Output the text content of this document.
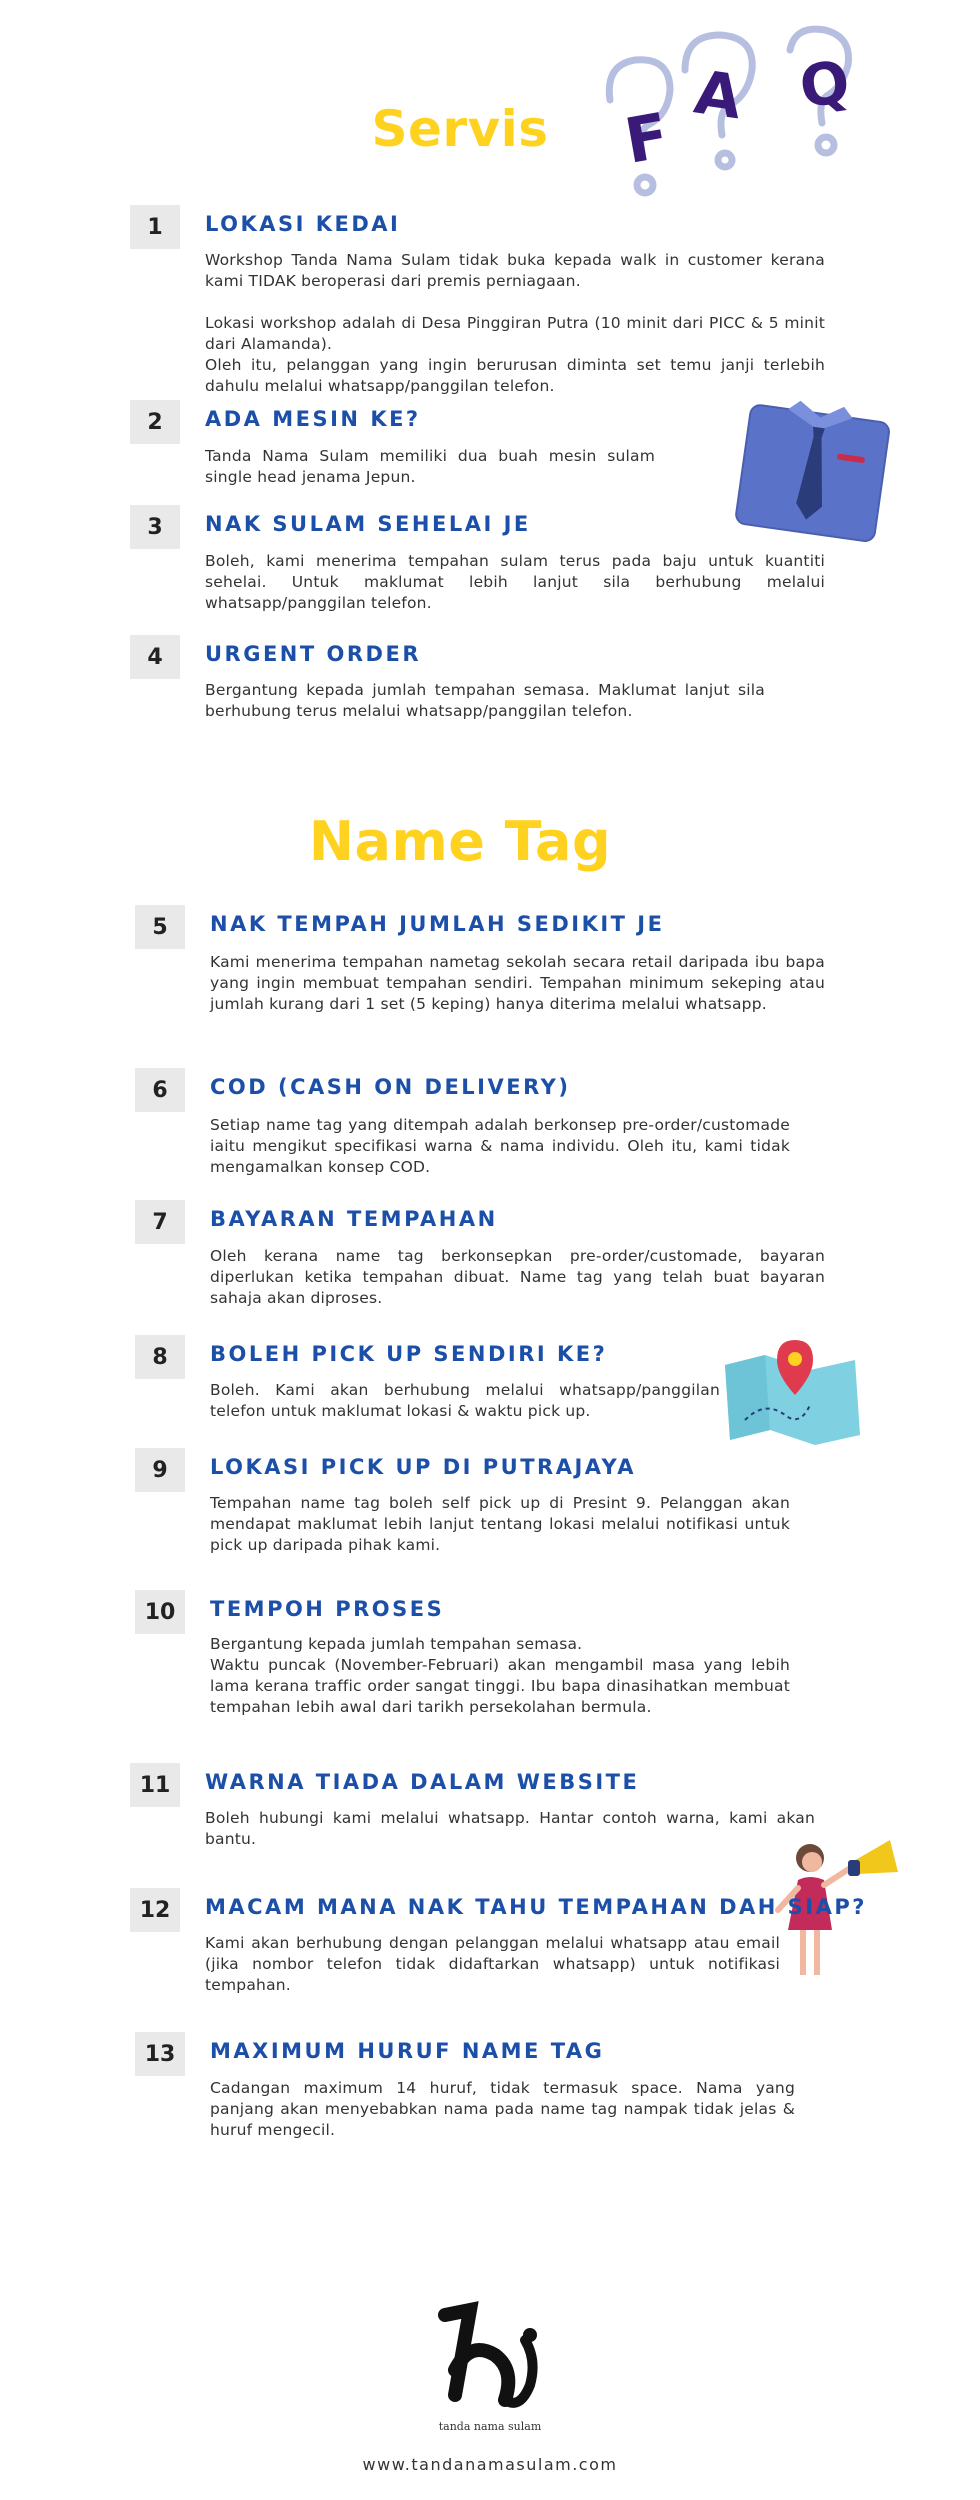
Servis
Name Tag
F
A Q
tanda nama sulam
www.tandanamasulam.com
1	LOKASI KEDAI
Workshop Tanda Nama Sulam tidak buka kepada walk in customer kerana kami TIDAK beroperasi dari premis perniagaan.

Lokasi workshop adalah di Desa Pinggiran Putra (10 minit dari PICC & 5 minit dari Alamanda).
Oleh itu, pelanggan yang ingin berurusan diminta set temu janji terlebih dahulu melalui whatsapp/panggilan telefon.
2	ADA MESIN KE?
Tanda Nama Sulam memiliki dua buah mesin sulam single head jenama Jepun.
3	NAK SULAM SEHELAI JE
Boleh, kami menerima tempahan sulam terus pada baju untuk kuantiti sehelai. Untuk maklumat lebih lanjut sila berhubung melalui whatsapp/panggilan telefon.
4	URGENT ORDER
Bergantung kepada jumlah tempahan semasa. Maklumat lanjut sila berhubung terus melalui whatsapp/panggilan telefon.
5	NAK TEMPAH JUMLAH SEDIKIT JE
Kami menerima tempahan nametag sekolah secara retail daripada ibu bapa yang ingin membuat tempahan sendiri. Tempahan minimum sekeping atau jumlah kurang dari 1 set (5 keping) hanya diterima melalui whatsapp.
6	COD (CASH ON DELIVERY)
Setiap name tag yang ditempah adalah berkonsep pre-order/customade iaitu mengikut specifikasi warna & nama individu. Oleh itu, kami tidak mengamalkan konsep COD.
7	BAYARAN TEMPAHAN
Oleh kerana name tag berkonsepkan pre-order/customade, bayaran diperlukan ketika tempahan dibuat. Name tag yang telah buat bayaran sahaja akan diproses.
8	BOLEH PICK UP SENDIRI KE?
Boleh. Kami akan berhubung melalui whatsapp/panggilan telefon untuk maklumat lokasi & waktu pick up.
9	LOKASI PICK UP DI PUTRAJAYA
Tempahan name tag boleh self pick up di Presint 9. Pelanggan akan mendapat maklumat lebih lanjut tentang lokasi melalui notifikasi untuk pick up daripada pihak kami.
10	TEMPOH PROSES
Bergantung kepada jumlah tempahan semasa.
Waktu puncak (November-Februari) akan mengambil masa yang lebih lama kerana traffic order sangat tinggi. Ibu bapa dinasihatkan membuat tempahan lebih awal dari tarikh persekolahan bermula.
11	WARNA TIADA DALAM WEBSITE
Boleh hubungi kami melalui whatsapp. Hantar contoh warna, kami akan bantu.
12	MACAM MANA NAK TAHU TEMPAHAN DAH SIAP?
Kami akan berhubung dengan pelanggan melalui whatsapp atau email (jika nombor telefon tidak didaftarkan whatsapp) untuk notifikasi tempahan.
13	MAXIMUM HURUF NAME TAG
Cadangan maximum 14 huruf, tidak termasuk space. Nama yang panjang akan menyebabkan nama pada name tag nampak tidak jelas & huruf mengecil.
